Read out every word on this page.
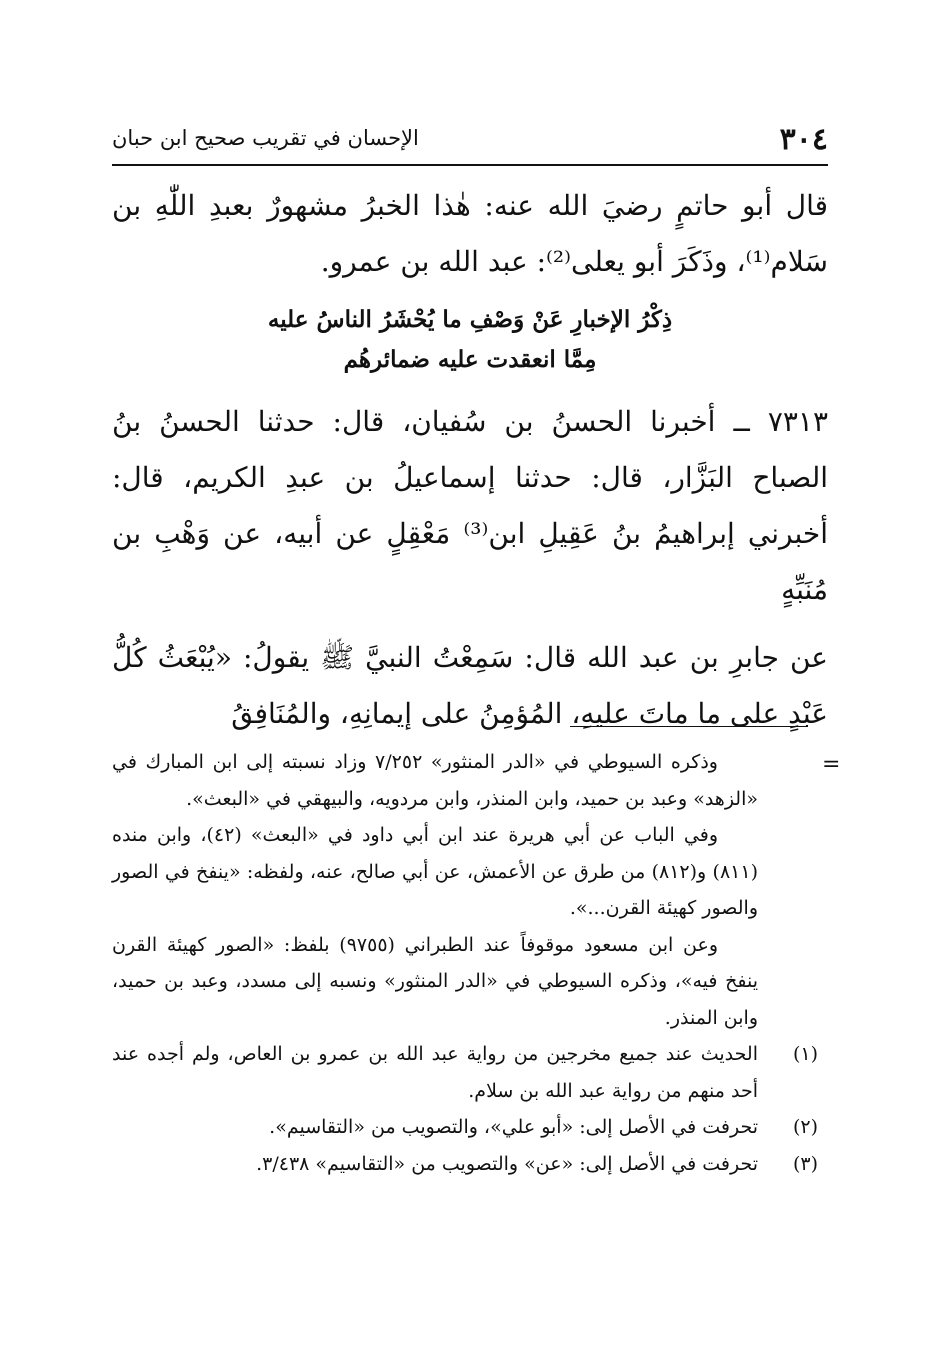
٣٠٤
الإحسان في تقريب صحيح ابن حبان

قال أبو حاتمٍ رضيَ الله عنه: هٰذا الخبرُ مشهورٌ بعبدِ اللّٰهِ بن سَلام⁽¹⁾، وذَكَرَ أبو يعلى⁽²⁾: عبد الله بن عمرو.

ذِكْرُ الإخبارِ عَنْ وَصْفِ ما يُحْشَرُ الناسُ عليه
مِمَّا انعقدت عليه ضمائرهُم

٧٣١٣ ــ أخبرنا الحسنُ بن سُفيان، قال: حدثنا الحسنُ بنُ الصباح البَزَّار، قال: حدثنا إسماعيلُ بن عبدِ الكريم، قال: أخبرني إبراهيمُ بنُ عَقِيلِ ابن⁽³⁾ مَعْقِلٍ عن أبيه، عن وَهْبِ بن مُنَبِّهٍ

عن جابرِ بن عبد الله قال: سَمِعْتُ النبيَّ ﷺ يقولُ: «يُبْعَثُ كُلُّ عَبْدٍ على ما ماتَ عليهِ، المُؤمِنُ على إيمانِهِ، والمُنَافِقُ

=

وذكره السيوطي في «الدر المنثور» ٧/٢٥٢ وزاد نسبته إلى ابن المبارك في «الزهد» وعبد بن حميد، وابن المنذر، وابن مردويه، والبيهقي في «البعث».

وفي الباب عن أبي هريرة عند ابن أبي داود في «البعث» (٤٢)، وابن منده (٨١١) و(٨١٢) من طرق عن الأعمش، عن أبي صالح، عنه، ولفظه: «ينفخ في الصور والصور كهيئة القرن...».

وعن ابن مسعود موقوفاً عند الطبراني (٩٧٥٥) بلفظ: «الصور كهيئة القرن ينفخ فيه»، وذكره السيوطي في «الدر المنثور» ونسبه إلى مسدد، وعبد بن حميد، وابن المنذر.

(١)
الحديث عند جميع مخرجين من رواية عبد الله بن عمرو بن العاص، ولم أجده عند أحد منهم من رواية عبد الله بن سلام.
(٢)
تحرفت في الأصل إلى: «أبو علي»، والتصويب من «التقاسيم».
(٣)
تحرفت في الأصل إلى: «عن» والتصويب من «التقاسيم» ٣/٤٣٨.
